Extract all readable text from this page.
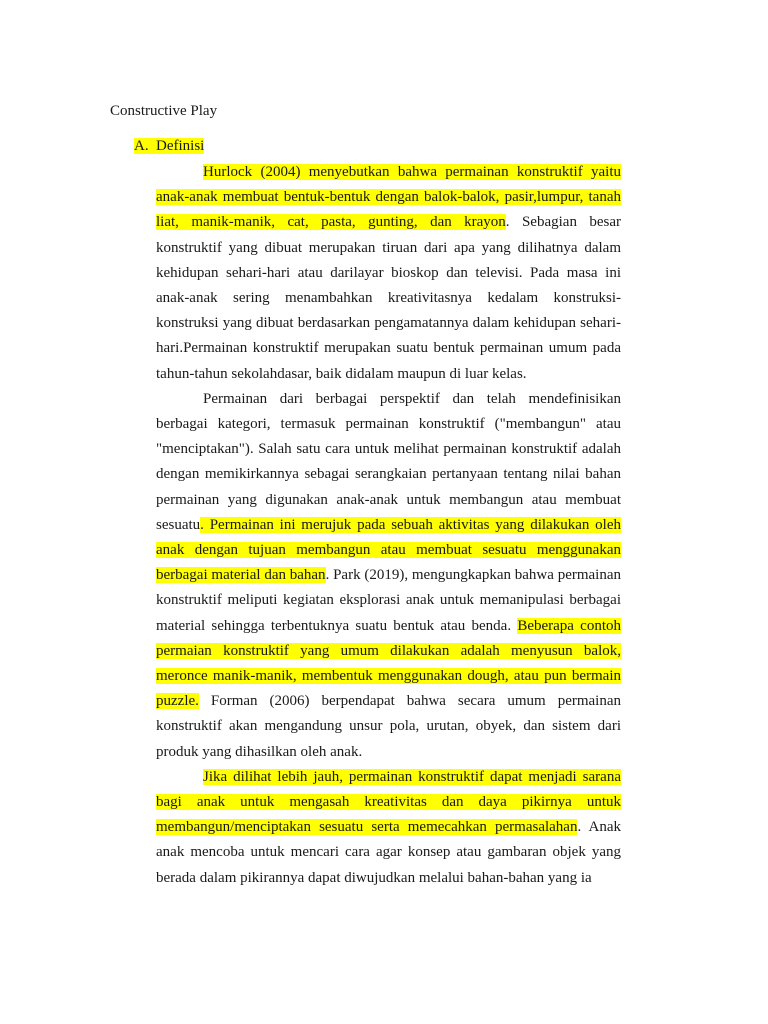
Constructive Play
A. Definisi

Hurlock (2004) menyebutkan bahwa permainan konstruktif yaitu anak-anak membuat bentuk-bentuk dengan balok-balok, pasir,lumpur, tanah liat, manik-manik, cat, pasta, gunting, dan krayon. Sebagian besar konstruktif yang dibuat merupakan tiruan dari apa yang dilihatnya dalam kehidupan sehari-hari atau darilayar bioskop dan televisi. Pada masa ini anak-anak sering menambahkan kreativitasnya kedalam konstruksi-konstruksi yang dibuat berdasarkan pengamatannya dalam kehidupan sehari-hari.Permainan konstruktif merupakan suatu bentuk permainan umum pada tahun-tahun sekolahdasar, baik didalam maupun di luar kelas.

Permainan dari berbagai perspektif dan telah mendefinisikan berbagai kategori, termasuk permainan konstruktif ("membangun" atau "menciptakan"). Salah satu cara untuk melihat permainan konstruktif adalah dengan memikirkannya sebagai serangkaian pertanyaan tentang nilai bahan permainan yang digunakan anak-anak untuk membangun atau membuat sesuatu. Permainan ini merujuk pada sebuah aktivitas yang dilakukan oleh anak dengan tujuan membangun atau membuat sesuatu menggunakan berbagai material dan bahan. Park (2019), mengungkapkan bahwa permainan konstruktif meliputi kegiatan eksplorasi anak untuk memanipulasi berbagai material sehingga terbentuknya suatu bentuk atau benda. Beberapa contoh permaian konstruktif yang umum dilakukan adalah menyusun balok, meronce manik-manik, membentuk menggunakan dough, atau pun bermain puzzle. Forman (2006) berpendapat bahwa secara umum permainan konstruktif akan mengandung unsur pola, urutan, obyek, dan sistem dari produk yang dihasilkan oleh anak.

Jika dilihat lebih jauh, permainan konstruktif dapat menjadi sarana bagi anak untuk mengasah kreativitas dan daya pikirnya untuk membangun/menciptakan sesuatu serta memecahkan permasalahan. Anak anak mencoba untuk mencari cara agar konsep atau gambaran objek yang berada dalam pikirannya dapat diwujudkan melalui bahan-bahan yang ia
